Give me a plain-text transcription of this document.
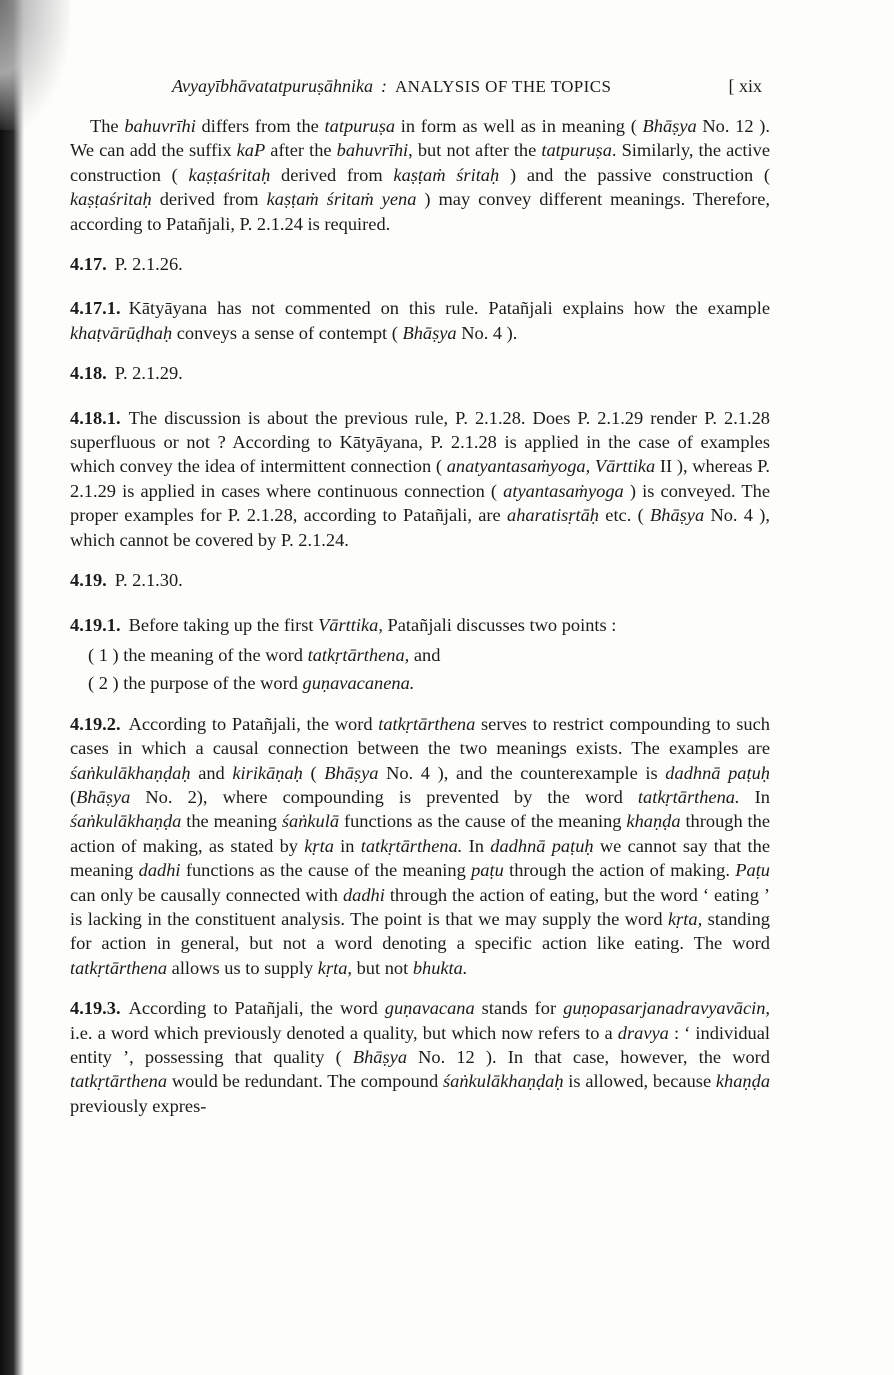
Avyayībhāvatatpuruṣāhnika : ANALYSIS OF THE TOPICS	[ xix

The bahuvrīhi differs from the tatpuruṣa in form as well as in meaning ( Bhāṣya No. 12 ). We can add the suffix kaP after the bahuvrīhi, but not after the tatpuruṣa. Similarly, the active construction ( kaṣṭaśritaḥ derived from kaṣṭaṁ śritaḥ ) and the passive construction ( kaṣṭaśritaḥ derived from kaṣṭaṁ śritaṁ yena ) may convey different meanings. Therefore, according to Patañjali, P. 2.1.24 is required.

4.17. P. 2.1.26.

4.17.1. Kātyāyana has not commented on this rule. Patañjali explains how the example khaṭvārūḍhaḥ conveys a sense of contempt ( Bhāṣya No. 4 ).

4.18. P. 2.1.29.

4.18.1. The discussion is about the previous rule, P. 2.1.28. Does P. 2.1.29 render P. 2.1.28 superfluous or not ? According to Kātyāyana, P. 2.1.28 is applied in the case of examples which convey the idea of intermittent connection ( anatyantasaṁyoga, Vārttika II ), whereas P. 2.1.29 is applied in cases where continuous connection ( atyantasaṁyoga ) is conveyed. The proper examples for P. 2.1.28, according to Patañjali, are aharatisṛtāḥ etc. ( Bhāṣya No. 4 ), which cannot be covered by P. 2.1.24.

4.19. P. 2.1.30.

4.19.1. Before taking up the first Vārttika, Patañjali discusses two points :

( 1 ) the meaning of the word tatkṛtārthena, and
( 2 ) the purpose of the word guṇavacanena.

4.19.2. According to Patañjali, the word tatkṛtārthena serves to restrict compounding to such cases in which a causal connection between the two meanings exists. The examples are śaṅkulākhaṇḍaḥ and kirikāṇaḥ ( Bhāṣya No. 4 ), and the counterexample is dadhnā paṭuḥ (Bhāṣya No. 2), where compounding is prevented by the word tatkṛtārthena. In śaṅkulākhaṇḍa the meaning śaṅkulā functions as the cause of the meaning khaṇḍa through the action of making, as stated by kṛta in tatkṛtārthena. In dadhnā paṭuḥ we cannot say that the meaning dadhi functions as the cause of the meaning paṭu through the action of making. Paṭu can only be causally connected with dadhi through the action of eating, but the word ‘ eating ’ is lacking in the constituent analysis. The point is that we may supply the word kṛta, standing for action in general, but not a word denoting a specific action like eating. The word tatkṛtārthena allows us to supply kṛta, but not bhukta.

4.19.3. According to Patañjali, the word guṇavacana stands for guṇopasarjanadravyavācin, i.e. a word which previously denoted a quality, but which now refers to a dravya : ‘ individual entity ’, possessing that quality ( Bhāṣya No. 12 ). In that case, however, the word tatkṛtārthena would be redundant. The compound śaṅkulākhaṇḍaḥ is allowed, because khaṇḍa previously expres-
